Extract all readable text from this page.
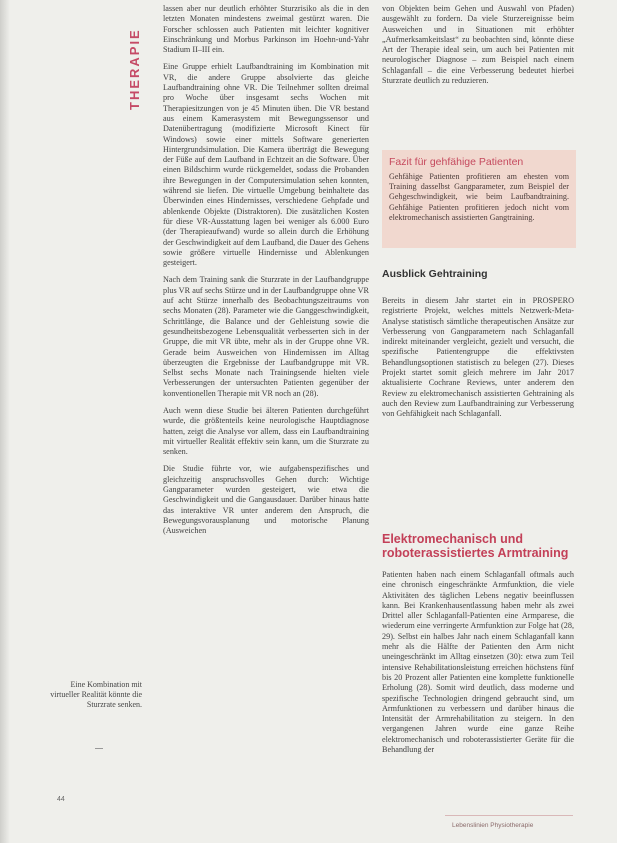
THERAPIE

lassen aber nur deutlich erhöhter Sturzrisiko als die in den letzten Monaten mindestens zweimal gestürzt waren. Die Forscher schlossen auch Patienten mit leichter kognitiver Einschränkung und Morbus Parkinson im Hoehn-und-Yahr Stadium II–III ein.

Eine Gruppe erhielt Laufbandtraining im Kombination mit VR, die andere Gruppe absolvierte das gleiche Laufbandtraining ohne VR. Die Teilnehmer sollten dreimal pro Woche über insgesamt sechs Wochen mit Therapiesitzungen von je 45 Minuten üben. Die VR bestand aus einem Kamerasystem mit Bewegungssensor und Datenübertragung (modifizierte Microsoft Kinect für Windows) sowie einer mittels Software generierten Hintergrundsimulation. Die Kamera überträgt die Bewegung der Füße auf dem Laufband in Echtzeit an die Software. Über einen Bildschirm wurde rückgemeldet, sodass die Probanden ihre Bewegungen in der Computersimulation sehen konnten, während sie liefen. Die virtuelle Umgebung beinhaltete das Überwinden eines Hindernisses, verschiedene Gehpfade und ablenkende Objekte (Distraktoren). Die zusätzlichen Kosten für diese VR-Ausstattung lagen bei weniger als 6.000 Euro (der Therapieaufwand) wurde so allein durch die Erhöhung der Geschwindigkeit auf dem Laufband, die Dauer des Gehens sowie größere virtuelle Hindernisse und Ablenkungen gesteigert.

Nach dem Training sank die Sturzrate in der Laufbandgruppe plus VR auf sechs Stürze und in der Laufbandgruppe ohne VR auf acht Stürze innerhalb des Beobachtungszeitraums von sechs Monaten (28). Parameter wie die Ganggeschwindigkeit, Schrittlänge, die Balance und der Gehleistung sowie die gesundheitsbezogene Lebensqualität verbesserten sich in der Gruppe, die mit VR übte, mehr als in der Gruppe ohne VR. Gerade beim Ausweichen von Hindernissen im Alltag überzeugten die Ergebnisse der Laufbandgruppe mit VR. Selbst sechs Monate nach Trainingsende hielten viele Verbesserungen der untersuchten Patienten gegenüber der konventionellen Therapie mit VR noch an (28).

Auch wenn diese Studie bei älteren Patienten durchgeführt wurde, die größtenteils keine neurologische Hauptdiagnose hatten, zeigt die Analyse vor allem, dass ein Laufbandtraining mit virtueller Realität effektiv sein kann, um die Sturzrate zu senken.

Die Studie führte vor, wie aufgabenspezifisches und gleichzeitig anspruchsvolles Gehen durch: Wichtige Gangparameter wurden gesteigert, wie etwa die Geschwindigkeit und die Gangausdauer. Darüber hinaus hatte das interaktive VR unter anderem den Anspruch, die Bewegungsvorausplanung und motorische Planung (Ausweichen

von Objekten beim Gehen und Auswahl von Pfaden) ausgewählt zu fordern. Da viele Sturzereignisse beim Ausweichen und in Situationen mit erhöhter „Aufmerksamkeitslast“ zu beobachten sind, könnte diese Art der Therapie ideal sein, um auch bei Patienten mit neurologischer Diagnose – zum Beispiel nach einem Schlaganfall – die eine Verbesserung bedeutet hierbei Sturzrate deutlich zu reduzieren.

Fazit für gehfähige Patienten
Gehfähige Patienten profitieren am ehesten vom Training dasselbst Gangparameter, zum Beispiel der Gehgeschwindigkeit, wie beim Laufbandtraining. Gehfähige Patienten profitieren jedoch nicht vom elektromechanisch assistierten Gangtraining.
Ausblick Gehtraining
Bereits in diesem Jahr startet ein in PROSPERO registrierte Projekt, welches mittels Netzwerk-Meta-Analyse statistisch sämtliche therapeutischen Ansätze zur Verbesserung von Gangparametern nach Schlaganfall indirekt miteinander vergleicht, gezielt und versucht, die spezifische Patientengruppe die effektivsten Behandlungsoptionen statistisch zu belegen (27). Dieses Projekt startet somit gleich mehrere im Jahr 2017 aktualisierte Cochrane Reviews, unter anderem den Review zu elektromechanisch assistierten Gehtraining als auch den Review zum Laufbandtraining zur Verbesserung von Gehfähigkeit nach Schlaganfall.
Elektromechanisch und roboterassistiertes Armtraining
Patienten haben nach einem Schlaganfall oftmals auch eine chronisch eingeschränkte Armfunktion, die viele Aktivitäten des täglichen Lebens negativ beeinflussen kann. Bei Krankenhausentlassung haben mehr als zwei Drittel aller Schlaganfall-Patienten eine Armparese, die wiederum eine verringerte Armfunktion zur Folge hat (28, 29). Selbst ein halbes Jahr nach einem Schlaganfall kann mehr als die Hälfte der Patienten den Arm nicht uneingeschränkt im Alltag einsetzen (30): etwa zum Teil intensive Rehabilitationsleistung erreichen höchstens fünf bis 20 Prozent aller Patienten eine komplette funktionelle Erholung (28). Somit wird deutlich, dass moderne und spezifische Technologien dringend gebraucht sind, um Armfunktionen zu verbessern und darüber hinaus die Intensität der Armrehabilitation zu steigern. In den vergangenen Jahren wurde eine ganze Reihe elektromechanisch und roboterassistierter Geräte für die Behandlung der
Eine Kombination mit virtueller Realität könnte die Sturzrate senken.
44
Lebenslinien Physiotherapie
